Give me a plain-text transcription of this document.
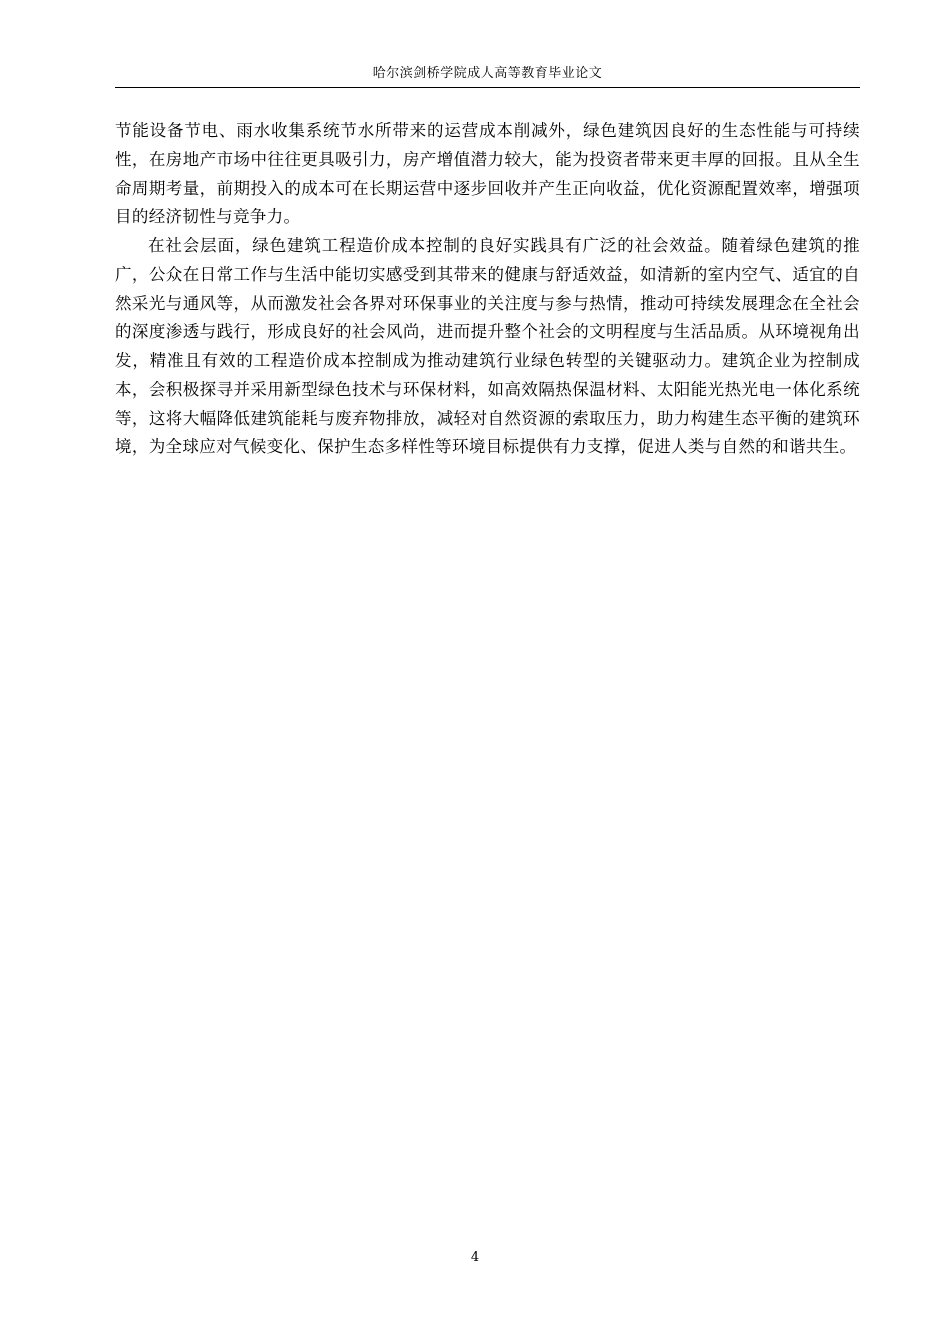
哈尔滨剑桥学院成人高等教育毕业论文

节能设备节电、雨水收集系统节水所带来的运营成本削减外，绿色建筑因良好的生态性能与可持续性，在房地产市场中往往更具吸引力，房产增值潜力较大，能为投资者带来更丰厚的回报。且从全生命周期考量，前期投入的成本可在长期运营中逐步回收并产生正向收益，优化资源配置效率，增强项目的经济韧性与竞争力。

在社会层面，绿色建筑工程造价成本控制的良好实践具有广泛的社会效益。随着绿色建筑的推广，公众在日常工作与生活中能切实感受到其带来的健康与舒适效益，如清新的室内空气、适宜的自然采光与通风等，从而激发社会各界对环保事业的关注度与参与热情，推动可持续发展理念在全社会的深度渗透与践行，形成良好的社会风尚，进而提升整个社会的文明程度与生活品质。从环境视角出发，精准且有效的工程造价成本控制成为推动建筑行业绿色转型的关键驱动力。建筑企业为控制成本，会积极探寻并采用新型绿色技术与环保材料，如高效隔热保温材料、太阳能光热光电一体化系统等，这将大幅降低建筑能耗与废弃物排放，减轻对自然资源的索取压力，助力构建生态平衡的建筑环境，为全球应对气候变化、保护生态多样性等环境目标提供有力支撑，促进人类与自然的和谐共生。

4
